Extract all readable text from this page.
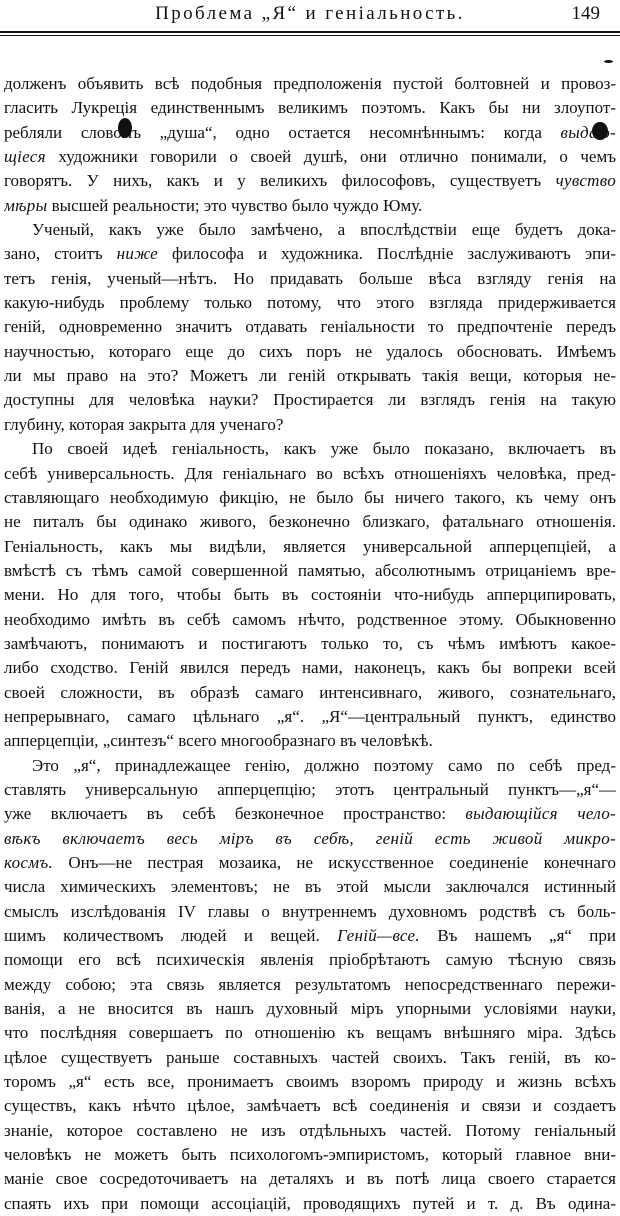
Проблема „Я“ и геніальность.	149
долженъ объявить всѣ подобныя предположенія пустой болтовней и провоз-
гласить Лукреція единственнымъ великимъ поэтомъ. Какъ бы ни злоупот-
ребляли словомъ „душа“, одно остается несомнѣннымъ: когда выдаю-
щіеся художники говорили о своей душѣ, они отлично понимали, о чемъ
говорятъ. У нихъ, какъ и у великихъ философовъ, существуетъ чувство
мѣры высшей реальности; это чувство было чуждо Юму.
Ученый, какъ уже было замѣчено, а впослѣдствіи еще будетъ дока-
зано, стоитъ ниже философа и художника. Послѣдніе заслуживаютъ эпи-
тетъ генія, ученый—нѣтъ. Но придавать больше вѣса взгляду генія на
какую-нибудь проблему только потому, что этого взгляда придерживается
геній, одновременно значитъ отдавать геніальности то предпочтеніе передъ
научностью, котораго еще до сихъ поръ не удалось обосновать. Имѣемъ
ли мы право на это? Можетъ ли геній открывать такія вещи, которыя не-
доступны для человѣка науки? Простирается ли взглядъ генія на такую
глубину, которая закрыта для ученаго?
По своей идеѣ геніальность, какъ уже было показано, включаетъ въ
себѣ универсальность. Для геніальнаго во всѣхъ отношеніяхъ человѣка, пред-
ставляющаго необходимую фикцію, не было бы ничего такого, къ чему онъ
не питалъ бы одинако живого, безконечно близкаго, фатальнаго отношенія.
Геніальность, какъ мы видѣли, является универсальной апперцепціей, а
вмѣстѣ съ тѣмъ самой совершенной памятью, абсолютнымъ отрицаніемъ вре-
мени. Но для того, чтобы быть въ состояніи что-нибудь апперципировать,
необходимо имѣть въ себѣ самомъ нѣчто, родственное этому. Обыкновенно
замѣчаютъ, понимаютъ и постигаютъ только то, съ чѣмъ имѣютъ какое-
либо сходство. Геній явился передъ нами, наконецъ, какъ бы вопреки всей
своей сложности, въ образѣ самаго интенсивнаго, живого, сознательнаго,
непрерывнаго, самаго цѣльнаго „я“. „Я“—центральный пунктъ, единство
апперцепціи, „синтезъ“ всего многообразнаго въ человѣкѣ.
Это „я“, принадлежащее генію, должно поэтому само по себѣ пред-
ставлять универсальную апперцепцію; этотъ центральный пунктъ—„я“—
уже включаетъ въ себѣ безконечное пространство: выдающійся чело-
вѣкъ включаетъ весь міръ въ себѣ, геній есть живой микро-
космъ. Онъ—не пестрая мозаика, не искусственное соединеніе конечнаго
числа химическихъ элементовъ; не въ этой мысли заключался истинный
смыслъ изслѣдованія IV главы о внутреннемъ духовномъ родствѣ съ боль-
шимъ количествомъ людей и вещей. Геній—все. Въ нашемъ „я“ при
помощи его всѣ психическія явленія пріобрѣтаютъ самую тѣсную связь
между собою; эта связь является результатомъ непосредственнаго пережи-
ванія, а не вносится въ нашъ духовный міръ упорными условіями науки,
что послѣдняя совершаетъ по отношенію къ вещамъ внѣшняго міра. Здѣсь
цѣлое существуетъ раньше составныхъ частей своихъ. Такъ геній, въ ко-
торомъ „я“ есть все, пронимаетъ своимъ взоромъ природу и жизнь всѣхъ
существъ, какъ нѣчто цѣлое, замѣчаетъ всѣ соединенія и связи и создаетъ
знаніе, которое составлено не изъ отдѣльныхъ частей. Потому геніальный
человѣкъ не можетъ быть психологомъ-эмпиристомъ, который главное вни-
маніе свое сосредоточиваетъ на деталяхъ и въ потѣ лица своего старается
спаять ихъ при помощи ассоціацій, проводящихъ путей и т. д. Въ одина-
